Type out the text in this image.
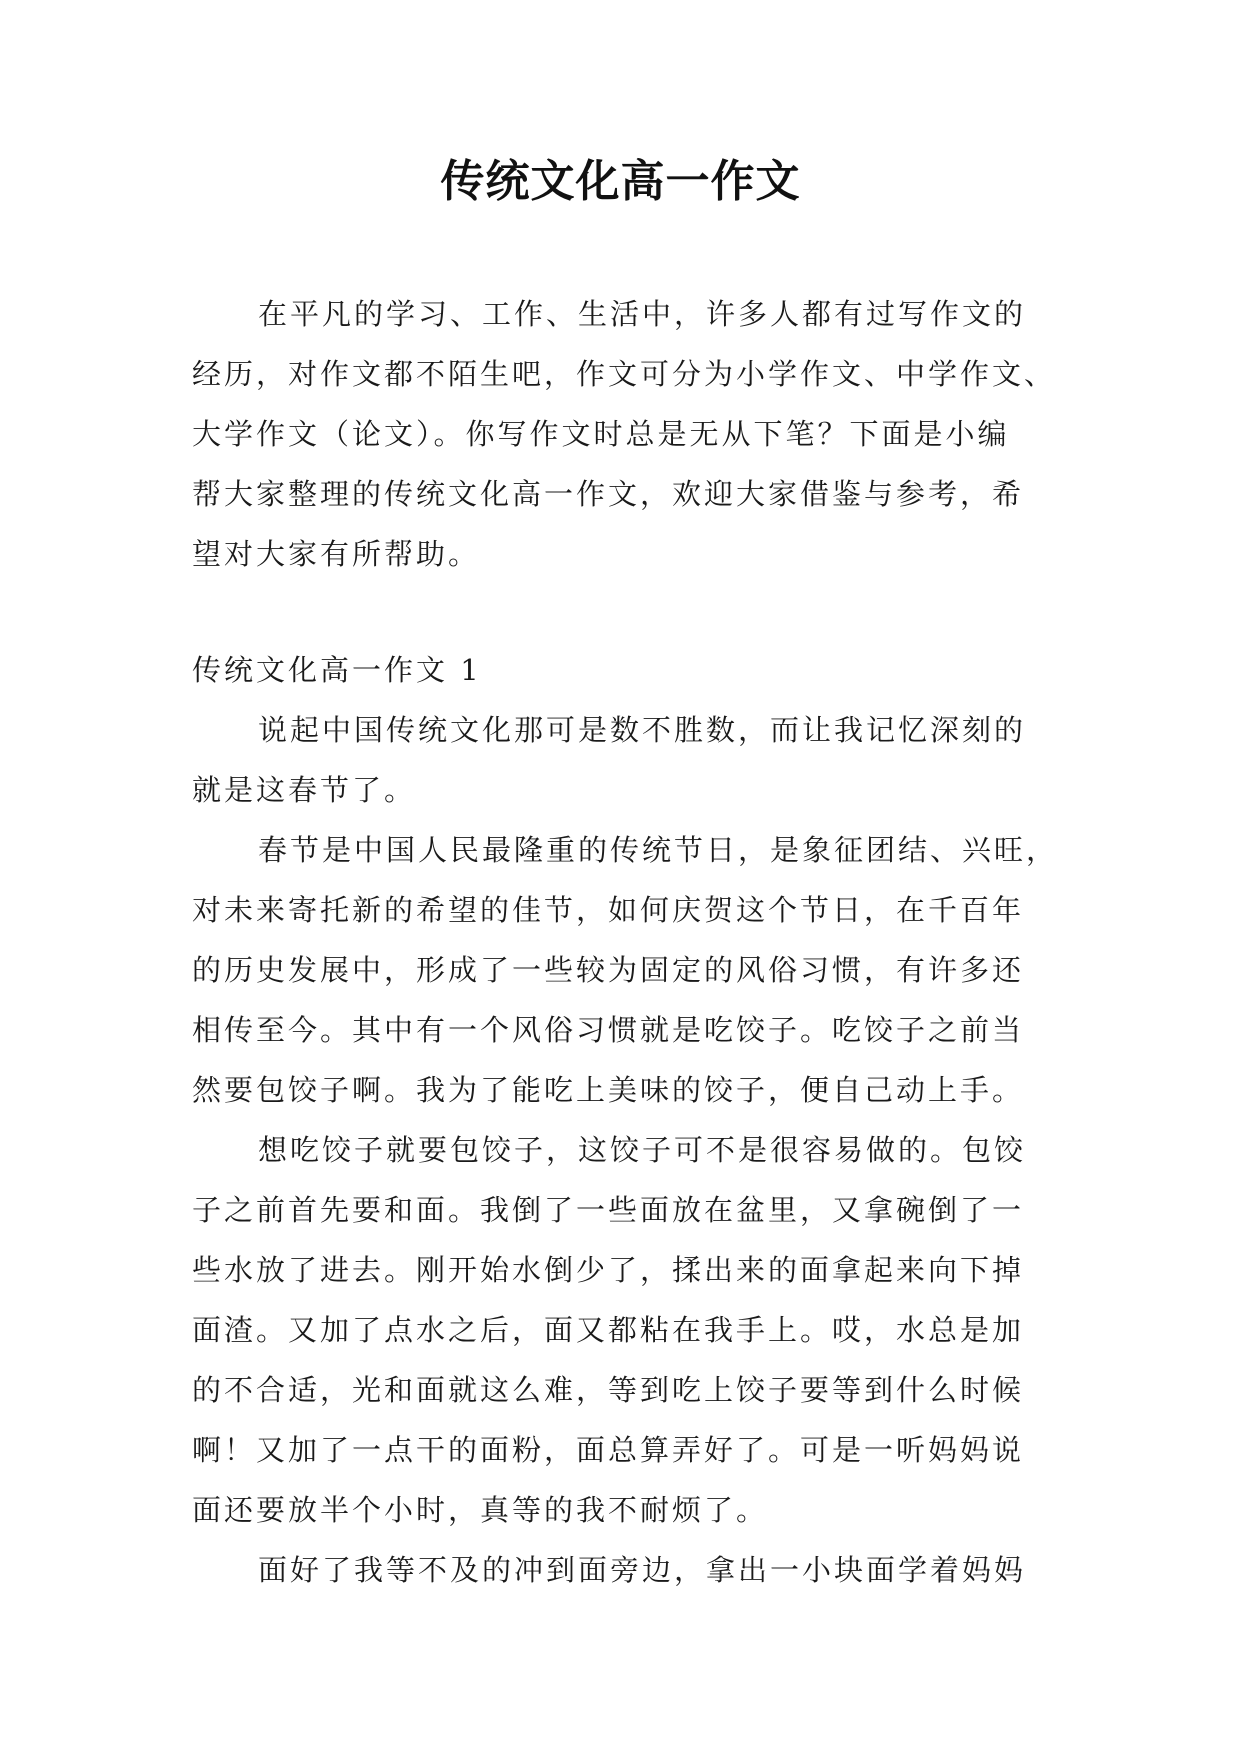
传统文化高一作文
在平凡的学习、工作、生活中，许多人都有过写作文的
经历，对作文都不陌生吧，作文可分为小学作文、中学作文、
大学作文（论文）。你写作文时总是无从下笔？下面是小编
帮大家整理的传统文化高一作文，欢迎大家借鉴与参考，希
望对大家有所帮助。
传统文化高一作文 1
说起中国传统文化那可是数不胜数，而让我记忆深刻的
就是这春节了。
春节是中国人民最隆重的传统节日，是象征团结、兴旺，
对未来寄托新的希望的佳节，如何庆贺这个节日，在千百年
的历史发展中，形成了一些较为固定的风俗习惯，有许多还
相传至今。其中有一个风俗习惯就是吃饺子。吃饺子之前当
然要包饺子啊。我为了能吃上美味的饺子，便自己动上手。
想吃饺子就要包饺子，这饺子可不是很容易做的。包饺
子之前首先要和面。我倒了一些面放在盆里，又拿碗倒了一
些水放了进去。刚开始水倒少了，揉出来的面拿起来向下掉
面渣。又加了点水之后，面又都粘在我手上。哎，水总是加
的不合适，光和面就这么难，等到吃上饺子要等到什么时候
啊！又加了一点干的面粉，面总算弄好了。可是一听妈妈说
面还要放半个小时，真等的我不耐烦了。
面好了我等不及的冲到面旁边，拿出一小块面学着妈妈
